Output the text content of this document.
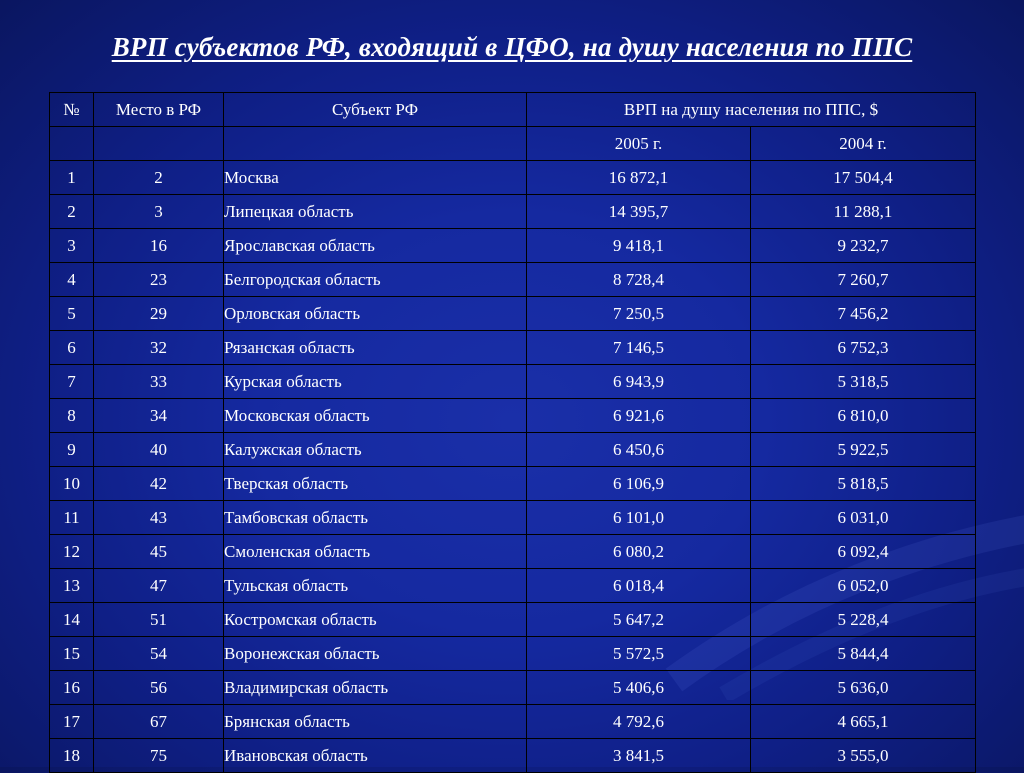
ВРП субъектов РФ, входящий в ЦФО, на душу населения по ППС
№	Место в РФ	Субъект РФ	ВРП на душу населения по ППС, $	
			2005 г.	2004 г.
1	2	Москва	16 872,1	17 504,4
2	3	Липецкая область	14 395,7	11 288,1
3	16	Ярославская область	9 418,1	9 232,7
4	23	Белгородская область	8 728,4	7 260,7
5	29	Орловская область	7 250,5	7 456,2
6	32	Рязанская область	7 146,5	6 752,3
7	33	Курская область	6 943,9	5 318,5
8	34	Московская область	6 921,6	6 810,0
9	40	Калужская область	6 450,6	5 922,5
10	42	Тверская область	6 106,9	5 818,5
11	43	Тамбовская область	6 101,0	6 031,0
12	45	Смоленская область	6 080,2	6 092,4
13	47	Тульская область	6 018,4	6 052,0
14	51	Костромская область	5 647,2	5 228,4
15	54	Воронежская область	5 572,5	5 844,4
16	56	Владимирская область	5 406,6	5 636,0
17	67	Брянская область	4 792,6	4 665,1
18	75	Ивановская область	3 841,5	3 555,0
